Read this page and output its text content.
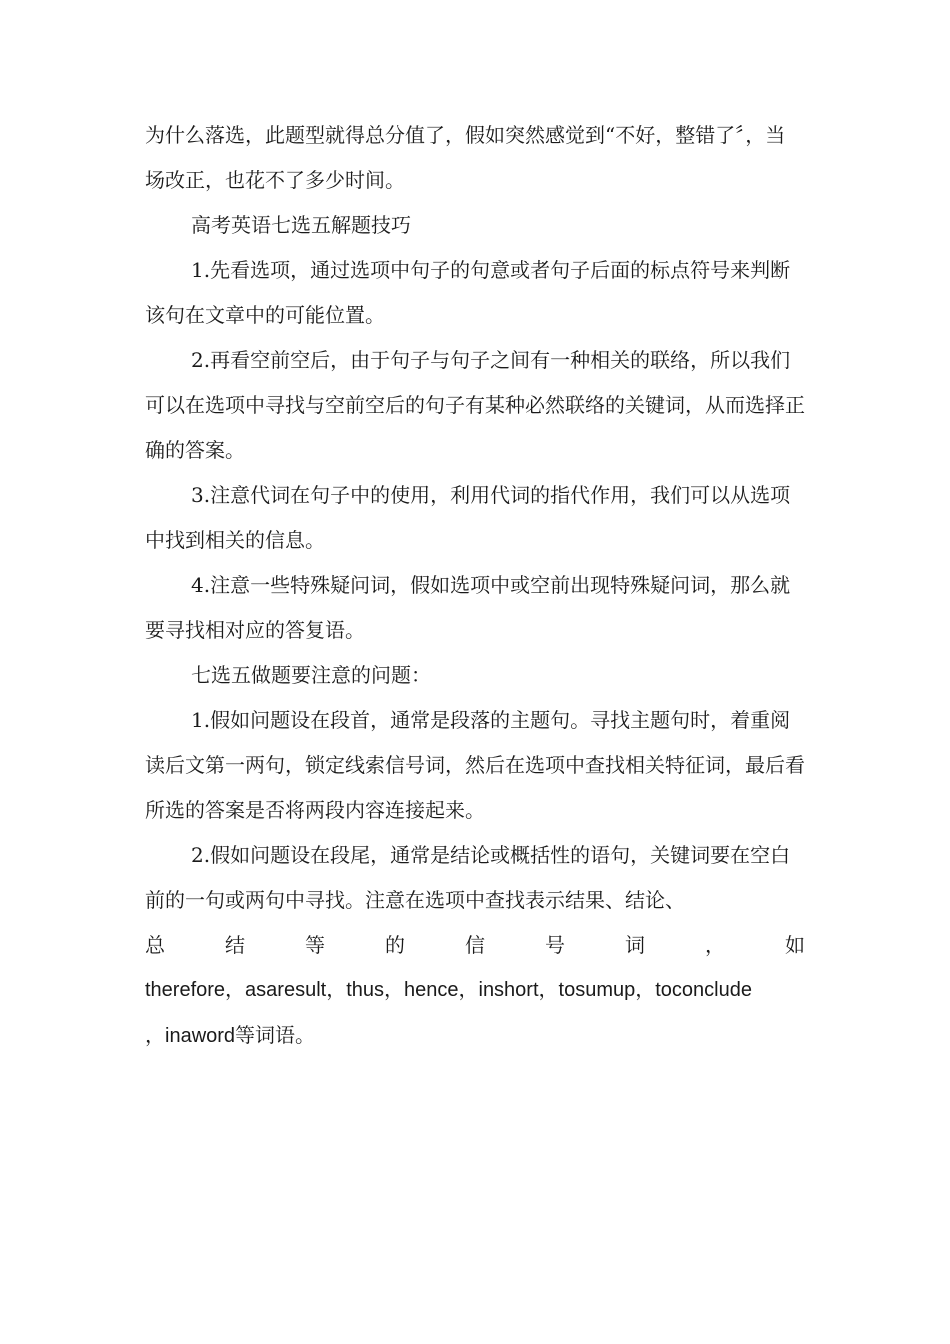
为什么落选，此题型就得总分值了，假如突然感觉到“不好，整错了〞，当场改正，也花不了多少时间。

高考英语七选五解题技巧

1.先看选项，通过选项中句子的句意或者句子后面的标点符号来判断该句在文章中的可能位置。

2.再看空前空后，由于句子与句子之间有一种相关的联络，所以我们可以在选项中寻找与空前空后的句子有某种必然联络的关键词，从而选择正确的答案。

3.注意代词在句子中的使用，利用代词的指代作用，我们可以从选项中找到相关的信息。

4.注意一些特殊疑问词，假如选项中或空前出现特殊疑问词，那么就要寻找相对应的答复语。

七选五做题要注意的问题：

1.假如问题设在段首，通常是段落的主题句。寻找主题句时，着重阅读后文第一两句，锁定线索信号词，然后在选项中查找相关特征词，最后看所选的答案是否将两段内容连接起来。

2.假如问题设在段尾，通常是结论或概括性的语句，关键词要在空白前的一句或两句中寻找。注意在选项中查找表示结果、结论、

总	结	等	的	信	号	词	，	如

therefore，asaresult，thus，hence，inshort，tosumup，toconclude

，inaword等词语。
